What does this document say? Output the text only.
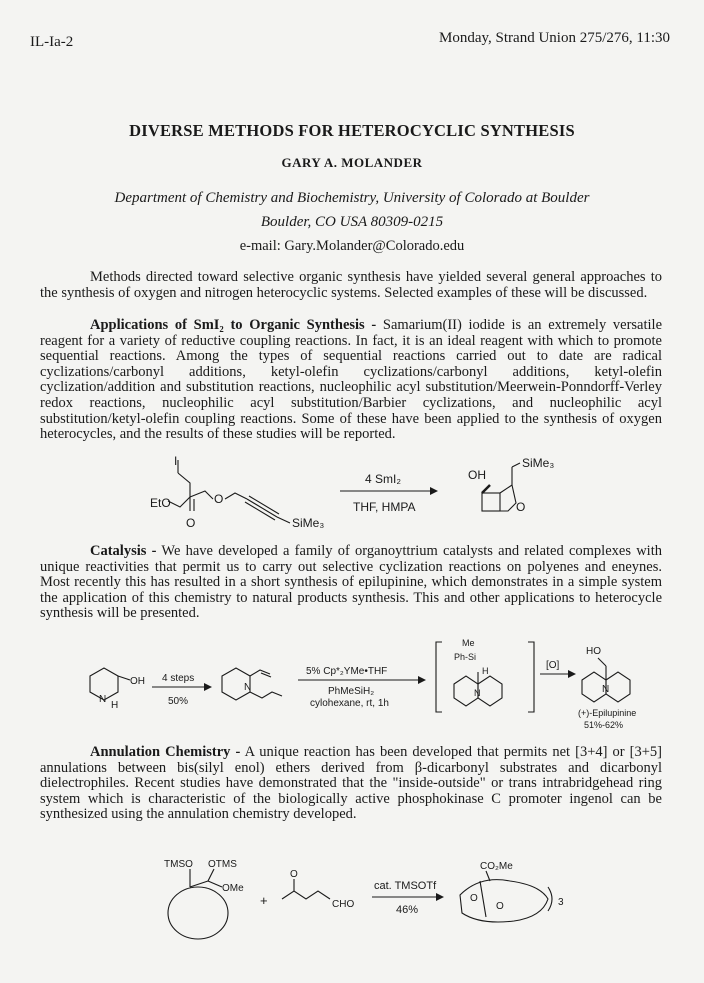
IL-Ia-2	Monday, Strand Union 275/276, 11:30
DIVERSE METHODS FOR HETEROCYCLIC SYNTHESIS
GARY A. MOLANDER
Department of Chemistry and Biochemistry, University of Colorado at Boulder
Boulder, CO USA 80309-0215
e-mail: Gary.Molander@Colorado.edu
Methods directed toward selective organic synthesis have yielded several general approaches to the synthesis of oxygen and nitrogen heterocyclic systems. Selected examples of these will be discussed.
Applications of SmI₂ to Organic Synthesis - Samarium(II) iodide is an extremely versatile reagent for a variety of reductive coupling reactions. In fact, it is an ideal reagent with which to promote sequential reactions. Among the types of sequential reactions carried out to date are radical cyclizations/carbonyl additions, ketyl-olefin cyclizations/carbonyl additions, ketyl-olefin cyclization/addition and substitution reactions, nucleophilic acyl substitution/Meerwein-Ponndorff-Verley redox reactions, nucleophilic acyl substitution/Barbier cyclizations, and nucleophilic acyl substitution/ketyl-olefin coupling reactions. Some of these have been applied to the synthesis of oxygen heterocycles, and the results of these studies will be reported.
I
EtO
O
O
SiMe₃
4 SmI₂
THF, HMPA
OH
SiMe₃
O
Catalysis - We have developed a family of organoyttrium catalysts and related complexes with unique reactivities that permit us to carry out selective cyclization reactions on polyenes and eneynes. Most recently this has resulted in a short synthesis of epilupinine, which demonstrates in a simple system the application of this chemistry to natural products synthesis. This and other applications to heterocycle synthesis will be presented.
OH
N
H
4 steps
50%
N
5% Cp*₂YMe•THF
PhMeSiH₂
cylohexane, rt, 1h
Me
Ph-Si
H
N
[O]
HO
N
(+)-Epilupinine
51%-62%
Annulation Chemistry - A unique reaction has been developed that permits net [3+4] or [3+5] annulations between bis(silyl enol) ethers derived from β-dicarbonyl substrates and dicarbonyl dielectrophiles. Recent studies have demonstrated that the "inside-outside" or trans intrabridgehead ring system which is characteristic of the biologically active phosphokinase C promoter ingenol can be synthesized using the annulation chemistry developed.
TMSO OTMS
OMe
+
O
CHO
cat. TMSOTf
46%
CO₂Me
O
O	3
